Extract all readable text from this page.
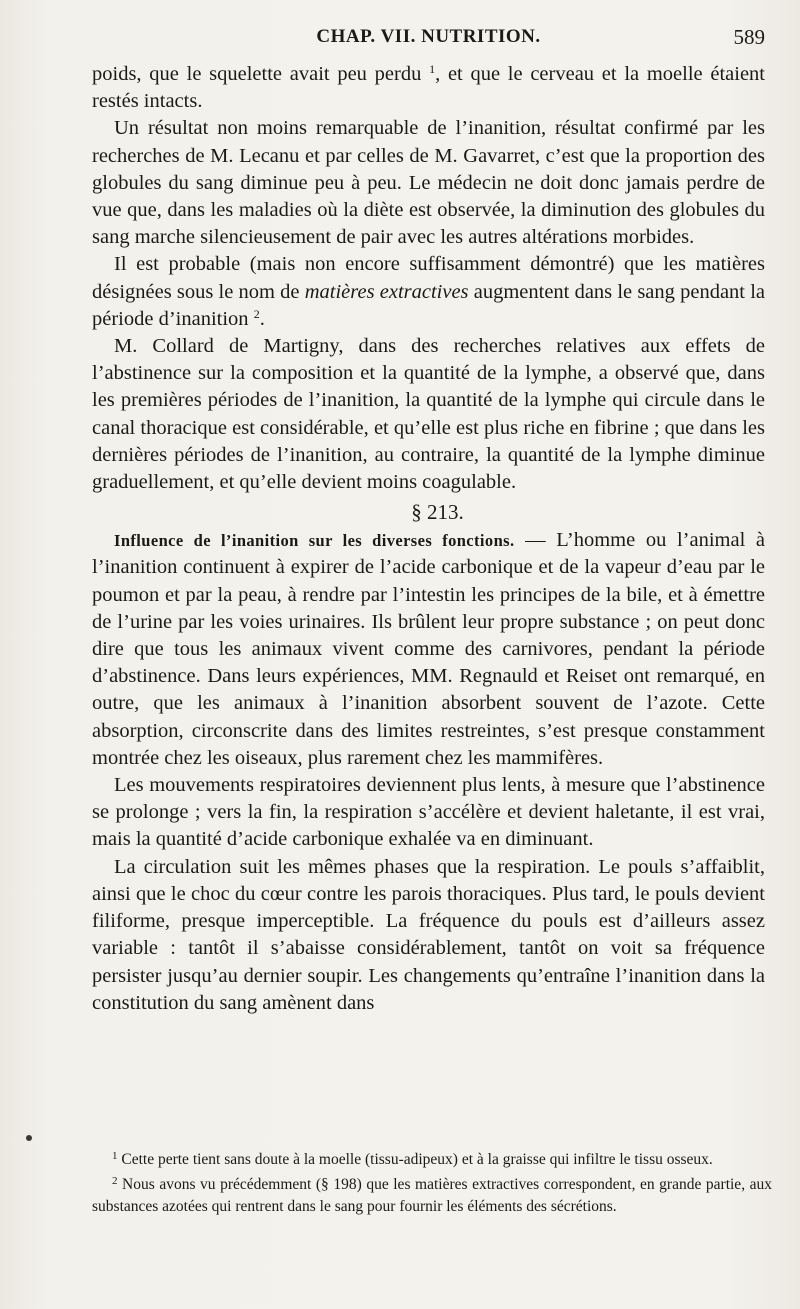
CHAP. VII. NUTRITION.	589

poids, que le squelette avait peu perdu $^1$, et que le cerveau et la moelle étaient restés intacts.

Un résultat non moins remarquable de l’inanition, résultat confirmé par les recherches de M. Lecanu et par celles de M. Gavarret, c’est que la proportion des globules du sang diminue peu à peu. Le médecin ne doit donc jamais perdre de vue que, dans les maladies où la diète est observée, la diminution des globules du sang marche silencieusement de pair avec les autres altérations morbides.

Il est probable (mais non encore suffisamment démontré) que les matières désignées sous le nom de matières extractives augmentent dans le sang pendant la période d’inanition $^2$.

M. Collard de Martigny, dans des recherches relatives aux effets de l’abstinence sur la composition et la quantité de la lymphe, a observé que, dans les premières périodes de l’inanition, la quantité de la lymphe qui circule dans le canal thoracique est considérable, et qu’elle est plus riche en fibrine ; que dans les dernières périodes de l’inanition, au contraire, la quantité de la lymphe diminue graduellement, et qu’elle devient moins coagulable.

§ 213.

Influence de l’inanition sur les diverses fonctions. — L’homme ou l’animal à l’inanition continuent à expirer de l’acide carbonique et de la vapeur d’eau par le poumon et par la peau, à rendre par l’intestin les principes de la bile, et à émettre de l’urine par les voies urinaires. Ils brûlent leur propre substance ; on peut donc dire que tous les animaux vivent comme des carnivores, pendant la période d’abstinence. Dans leurs expériences, MM. Regnauld et Reiset ont remarqué, en outre, que les animaux à l’inanition absorbent souvent de l’azote. Cette absorption, circonscrite dans des limites restreintes, s’est presque constamment montrée chez les oiseaux, plus rarement chez les mammifères.

Les mouvements respiratoires deviennent plus lents, à mesure que l’abstinence se prolonge ; vers la fin, la respiration s’accélère et devient haletante, il est vrai, mais la quantité d’acide carbonique exhalée va en diminuant.

La circulation suit les mêmes phases que la respiration. Le pouls s’affaiblit, ainsi que le choc du cœur contre les parois thoraciques. Plus tard, le pouls devient filiforme, presque imperceptible. La fréquence du pouls est d’ailleurs assez variable : tantôt il s’abaisse considérablement, tantôt on voit sa fréquence persister jusqu’au dernier soupir. Les changements qu’entraîne l’inanition dans la constitution du sang amènent dans

$^1$ Cette perte tient sans doute à la moelle (tissu-adipeux) et à la graisse qui infiltre le tissu osseux.

$^2$ Nous avons vu précédemment (§ 198) que les matières extractives correspondent, en grande partie, aux substances azotées qui rentrent dans le sang pour fournir les éléments des sécrétions.
